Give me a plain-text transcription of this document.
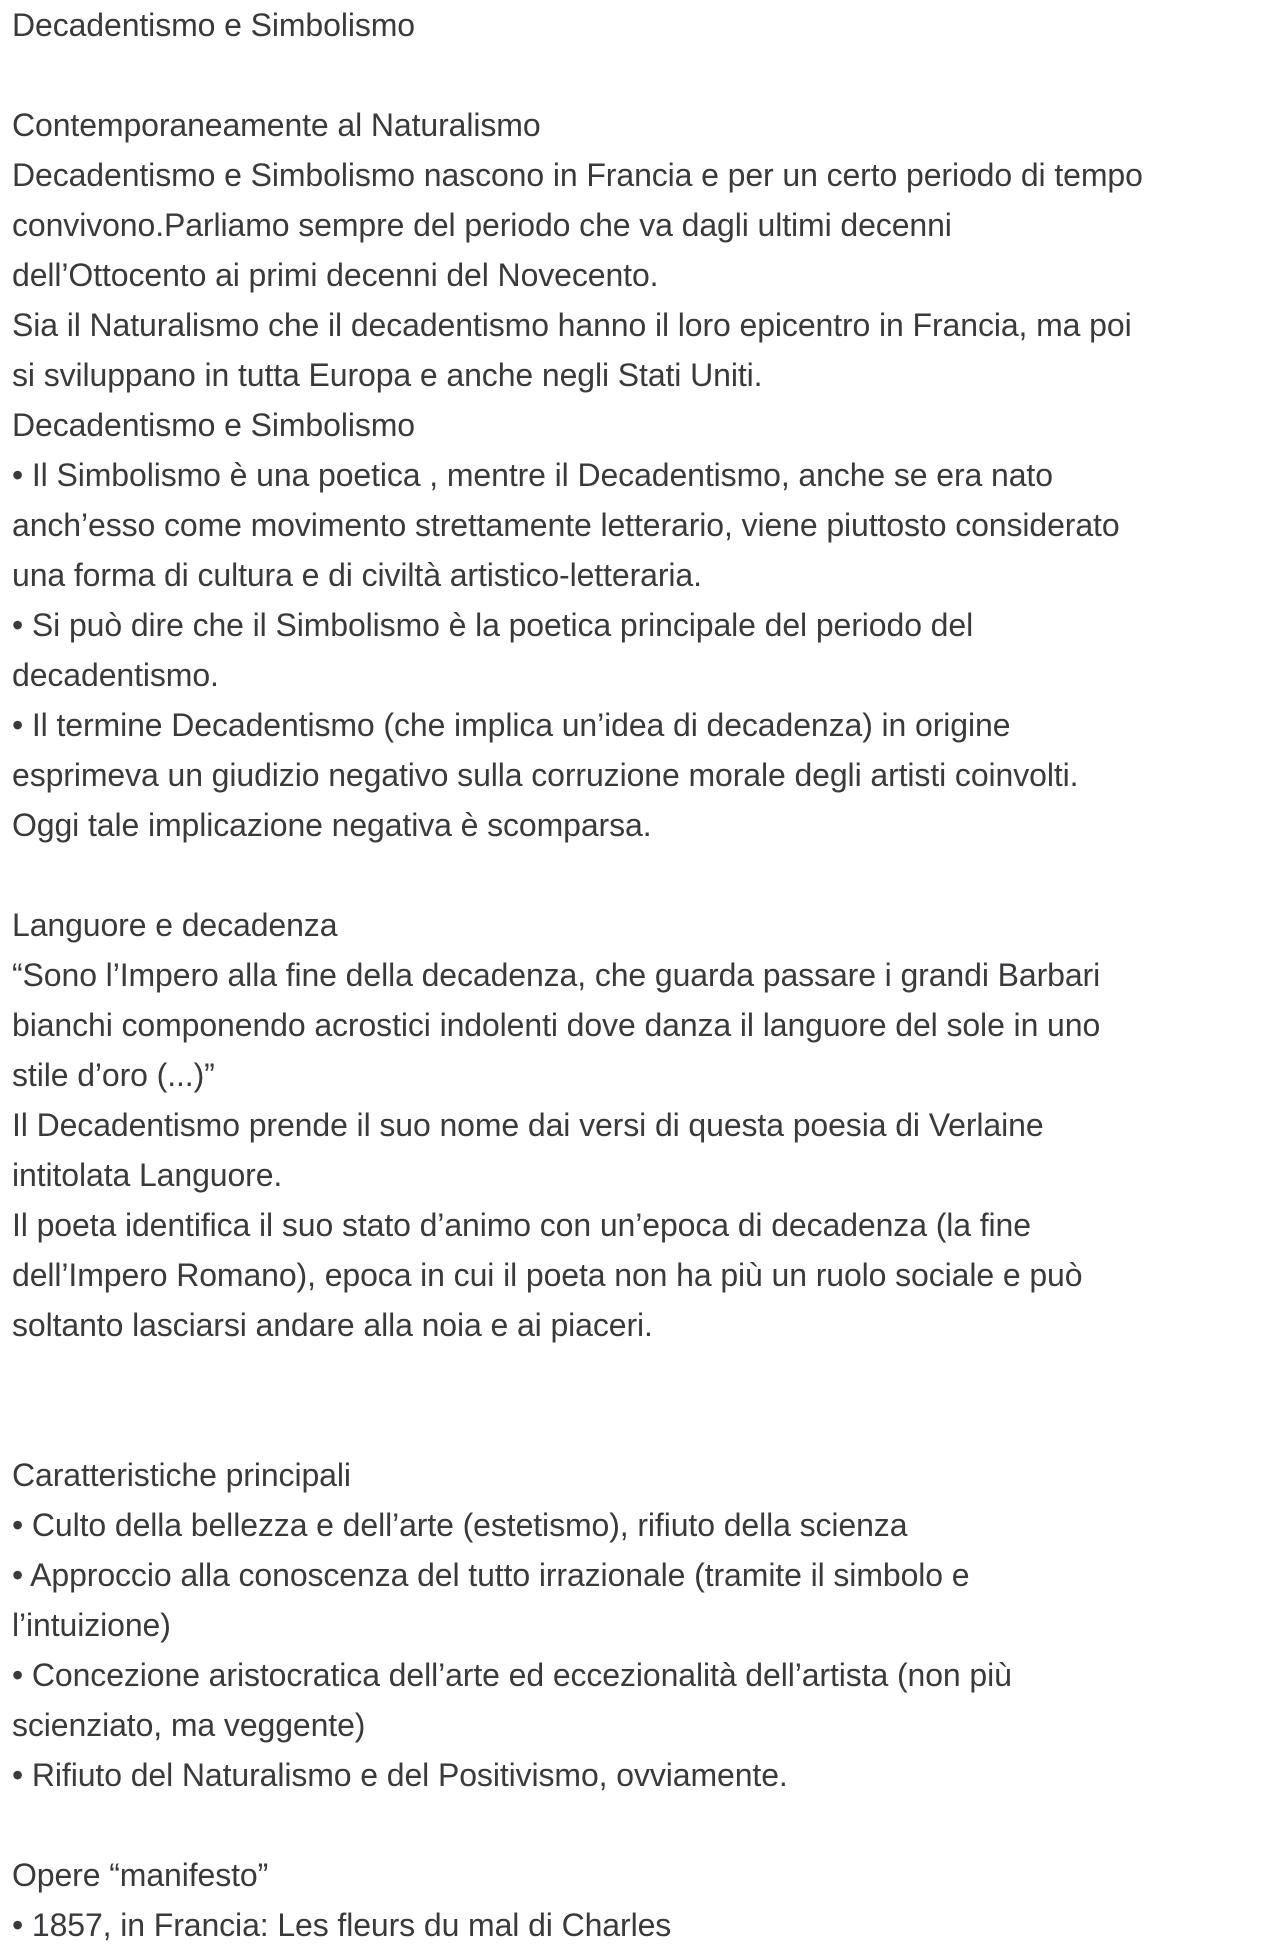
Decadentismo e Simbolismo
Contemporaneamente al Naturalismo
Decadentismo e Simbolismo nascono in Francia e per un certo periodo di tempo
convivono.Parliamo sempre del periodo che va dagli ultimi decenni
dell’Ottocento ai primi decenni del Novecento.
Sia il Naturalismo che il decadentismo hanno il loro epicentro in Francia, ma poi
si sviluppano in tutta Europa e anche negli Stati Uniti.
Decadentismo e Simbolismo
• Il Simbolismo è una poetica , mentre il Decadentismo, anche se era nato
anch’esso come movimento strettamente letterario, viene piuttosto considerato
una forma di cultura e di civiltà artistico-letteraria.
• Si può dire che il Simbolismo è la poetica principale del periodo del
decadentismo.
• Il termine Decadentismo (che implica un’idea di decadenza) in origine
esprimeva un giudizio negativo sulla corruzione morale degli artisti coinvolti.
Oggi tale implicazione negativa è scomparsa.
Languore e decadenza
“Sono l’Impero alla fine della decadenza, che guarda passare i grandi Barbari
bianchi componendo acrostici indolenti dove danza il languore del sole in uno
stile d’oro (...)”
Il Decadentismo prende il suo nome dai versi di questa poesia di Verlaine
intitolata Languore.
Il poeta identifica il suo stato d’animo con un’epoca di decadenza (la fine
dell’Impero Romano), epoca in cui il poeta non ha più un ruolo sociale e può
soltanto lasciarsi andare alla noia e ai piaceri.
Caratteristiche principali
• Culto della bellezza e dell’arte (estetismo), rifiuto della scienza
• Approccio alla conoscenza del tutto irrazionale (tramite il simbolo e
l’intuizione)
• Concezione aristocratica dell’arte ed eccezionalità dell’artista (non più
scienziato, ma veggente)
• Rifiuto del Naturalismo e del Positivismo, ovviamente.
Opere “manifesto”
• 1857, in Francia: Les fleurs du mal di Charles
